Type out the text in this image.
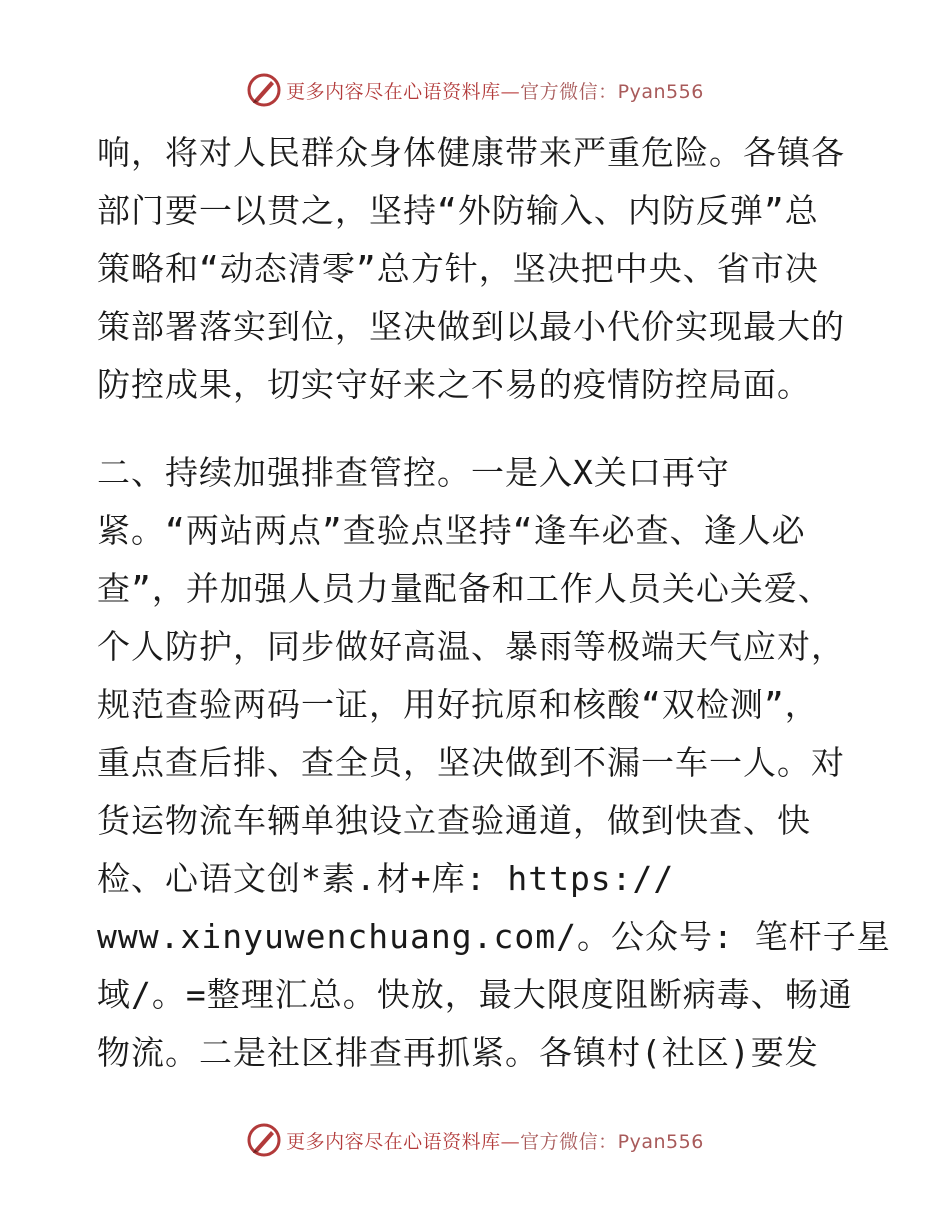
更多内容尽在心语资料库—官方微信：Pyan556
响，将对人民群众身体健康带来严重危险。各镇各
部门要一以贯之，坚持“外防输入、内防反弹”总
策略和“动态清零”总方针，坚决把中央、省市决
策部署落实到位，坚决做到以最小代价实现最大的
防控成果，切实守好来之不易的疫情防控局面。
二、持续加强排查管控。一是入X关口再守
紧。“两站两点”查验点坚持“逢车必查、逢人必
查”，并加强人员力量配备和工作人员关心关爱、
个人防护，同步做好高温、暴雨等极端天气应对，
规范查验两码一证，用好抗原和核酸“双检测”，
重点查后排、查全员，坚决做到不漏一车一人。对
货运物流车辆单独设立查验通道，做到快查、快
检、心语文创*素.材+库: https://
www.xinyuwenchuang.com/。公众号: 笔杆子星
域/。=整理汇总。快放，最大限度阻断病毒、畅通
物流。二是社区排查再抓紧。各镇村(社区)要发
更多内容尽在心语资料库—官方微信：Pyan556
